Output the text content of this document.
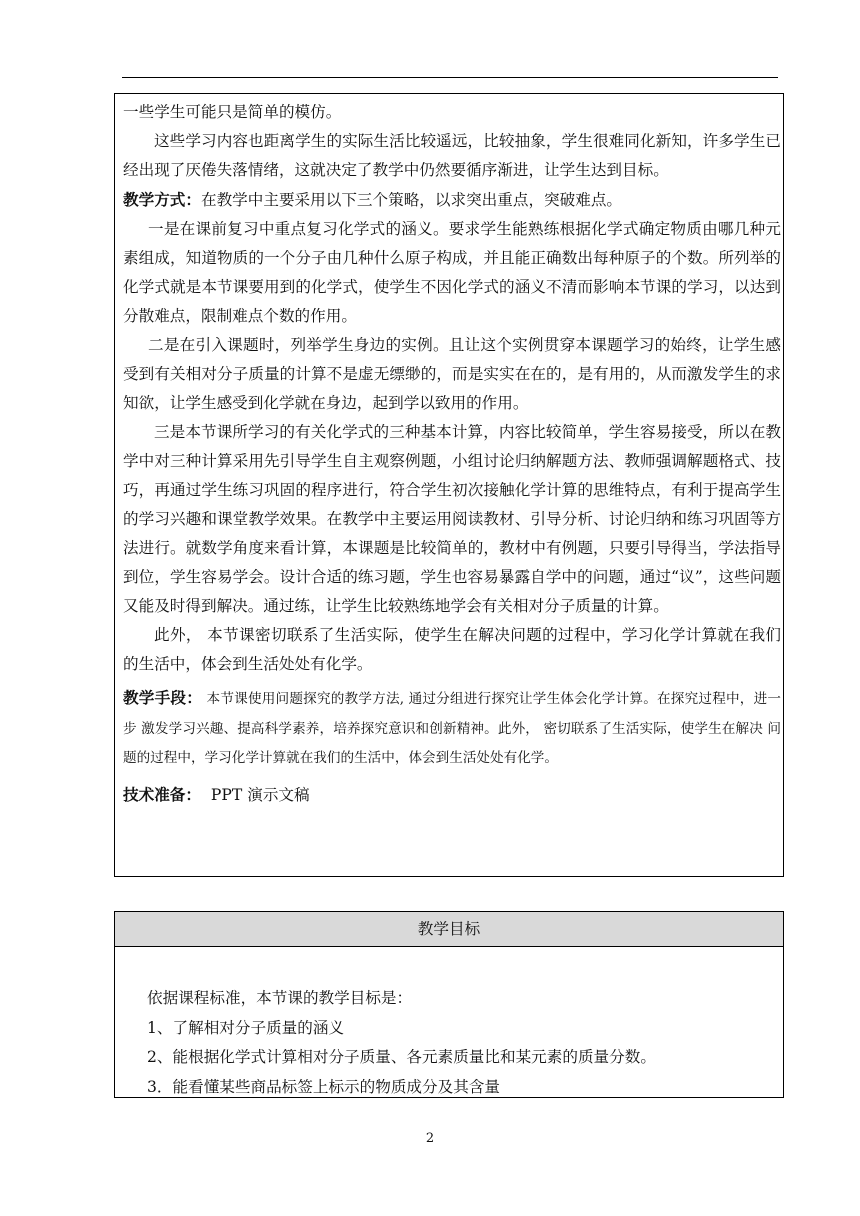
一些学生可能只是简单的模仿。

这些学习内容也距离学生的实际生活比较遥远，比较抽象，学生很难同化新知，许多学生已经出现了厌倦失落情绪，这就决定了教学中仍然要循序渐进，让学生达到目标。

教学方式：在教学中主要采用以下三个策略，以求突出重点，突破难点。

一是在课前复习中重点复习化学式的涵义。要求学生能熟练根据化学式确定物质由哪几种元素组成，知道物质的一个分子由几种什么原子构成，并且能正确数出每种原子的个数。所列举的化学式就是本节课要用到的化学式，使学生不因化学式的涵义不清而影响本节课的学习，以达到分散难点，限制难点个数的作用。

二是在引入课题时，列举学生身边的实例。且让这个实例贯穿本课题学习的始终，让学生感受到有关相对分子质量的计算不是虚无缥缈的，而是实实在在的，是有用的，从而激发学生的求知欲，让学生感受到化学就在身边，起到学以致用的作用。

三是本节课所学习的有关化学式的三种基本计算，内容比较简单，学生容易接受，所以在教学中对三种计算采用先引导学生自主观察例题，小组讨论归纳解题方法、教师强调解题格式、技巧，再通过学生练习巩固的程序进行，符合学生初次接触化学计算的思维特点，有利于提高学生的学习兴趣和课堂教学效果。在教学中主要运用阅读教材、引导分析、讨论归纳和练习巩固等方法进行。就数学角度来看计算，本课题是比较简单的，教材中有例题，只要引导得当，学法指导到位，学生容易学会。设计合适的练习题，学生也容易暴露自学中的问题，通过“议”，这些问题又能及时得到解决。通过练，让学生比较熟练地学会有关相对分子质量的计算。

此外， 本节课密切联系了生活实际，使学生在解决问题的过程中，学习化学计算就在我们的生活中，体会到生活处处有化学。

教学手段： 本节课使用问题探究的教学方法, 通过分组进行探究让学生体会化学计算。在探究过程中，进一步 激发学习兴趣、提高科学素养，培养探究意识和创新精神。此外， 密切联系了生活实际，使学生在解决 问题的过程中，学习化学计算就在我们的生活中，体会到生活处处有化学。

技术准备： PPT 演示文稿
教学目标

依据课程标准，本节课的教学目标是：

1、了解相对分子质量的涵义

2、能根据化学式计算相对分子质量、各元素质量比和某元素的质量分数。

3．能看懂某些商品标签上标示的物质成分及其含量

2
